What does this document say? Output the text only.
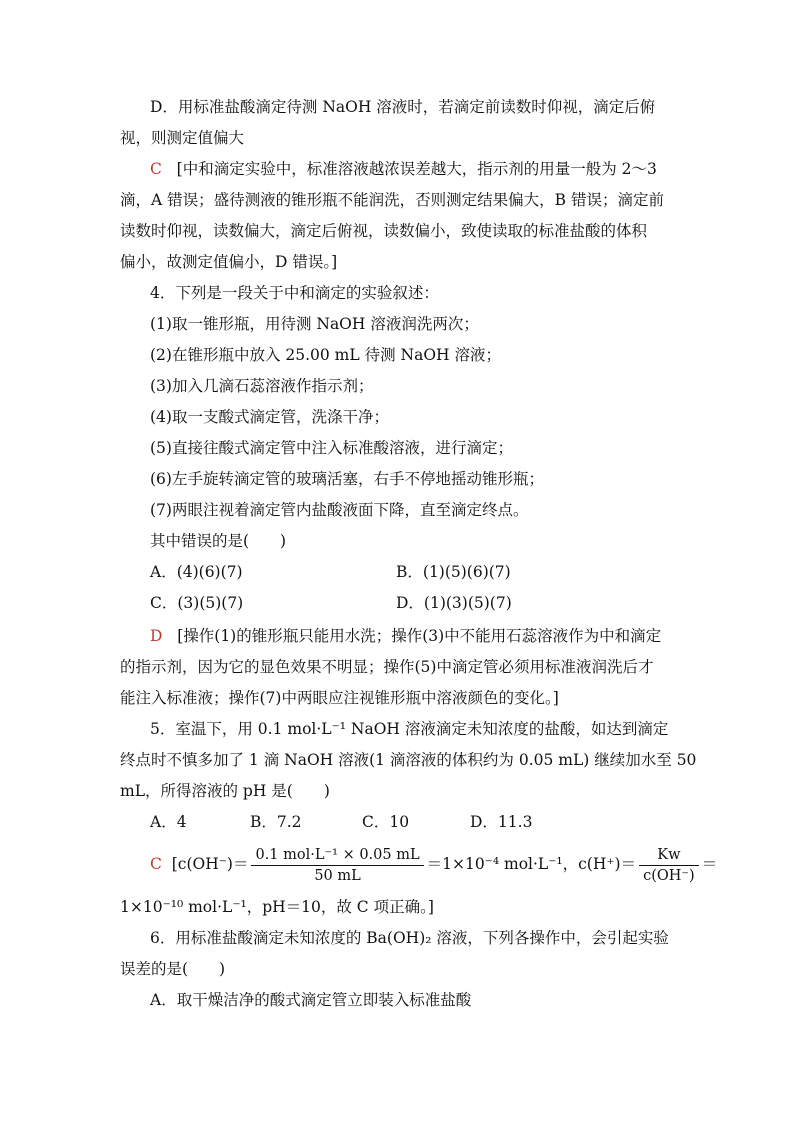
D．用标准盐酸滴定待测 NaOH 溶液时，若滴定前读数时仰视，滴定后俯
视，则测定值偏大
C [中和滴定实验中，标准溶液越浓误差越大，指示剂的用量一般为 2～3
滴，A 错误；盛待测液的锥形瓶不能润洗，否则测定结果偏大，B 错误；滴定前
读数时仰视，读数偏大，滴定后俯视，读数偏小，致使读取的标准盐酸的体积
偏小，故测定值偏小，D 错误。]
4．下列是一段关于中和滴定的实验叙述：
(1)取一锥形瓶，用待测 NaOH 溶液润洗两次；
(2)在锥形瓶中放入 25.00 mL 待测 NaOH 溶液；
(3)加入几滴石蕊溶液作指示剂；
(4)取一支酸式滴定管，洗涤干净；
(5)直接往酸式滴定管中注入标准酸溶液，进行滴定；
(6)左手旋转滴定管的玻璃活塞，右手不停地摇动锥形瓶；
(7)两眼注视着滴定管内盐酸液面下降，直至滴定终点。
其中错误的是(　　)
A．(4)(6)(7)	B．(1)(5)(6)(7)
C．(3)(5)(7)	D．(1)(3)(5)(7)
D [操作(1)的锥形瓶只能用水洗；操作(3)中不能用石蕊溶液作为中和滴定
的指示剂，因为它的显色效果不明显；操作(5)中滴定管必须用标准液润洗后才
能注入标准液；操作(7)中两眼应注视锥形瓶中溶液颜色的变化。]
5．室温下，用 0.1 mol·L⁻¹ NaOH 溶液滴定未知浓度的盐酸，如达到滴定
终点时不慎多加了 1 滴 NaOH 溶液(1 滴溶液的体积约为 0.05 mL) 继续加水至 50
mL，所得溶液的 pH 是(　　)
A．4	B．7.2	C．10	D．11.3
C [$c(OH^-)= \frac{\text{0.1 mol·L⁻¹ × 0.05 mL}}{50 mL} =1\times 10^{-4}$ mol·L⁻¹，$c(H^+)= \frac{Kw}{c(OH^-)}$ ＝
1×10⁻¹⁰ mol·L⁻¹，pH＝10，故 C 项正确。]
6．用标准盐酸滴定未知浓度的 Ba(OH)₂ 溶液，下列各操作中，会引起实验
误差的是(　　)
A．取干燥洁净的酸式滴定管立即装入标准盐酸
